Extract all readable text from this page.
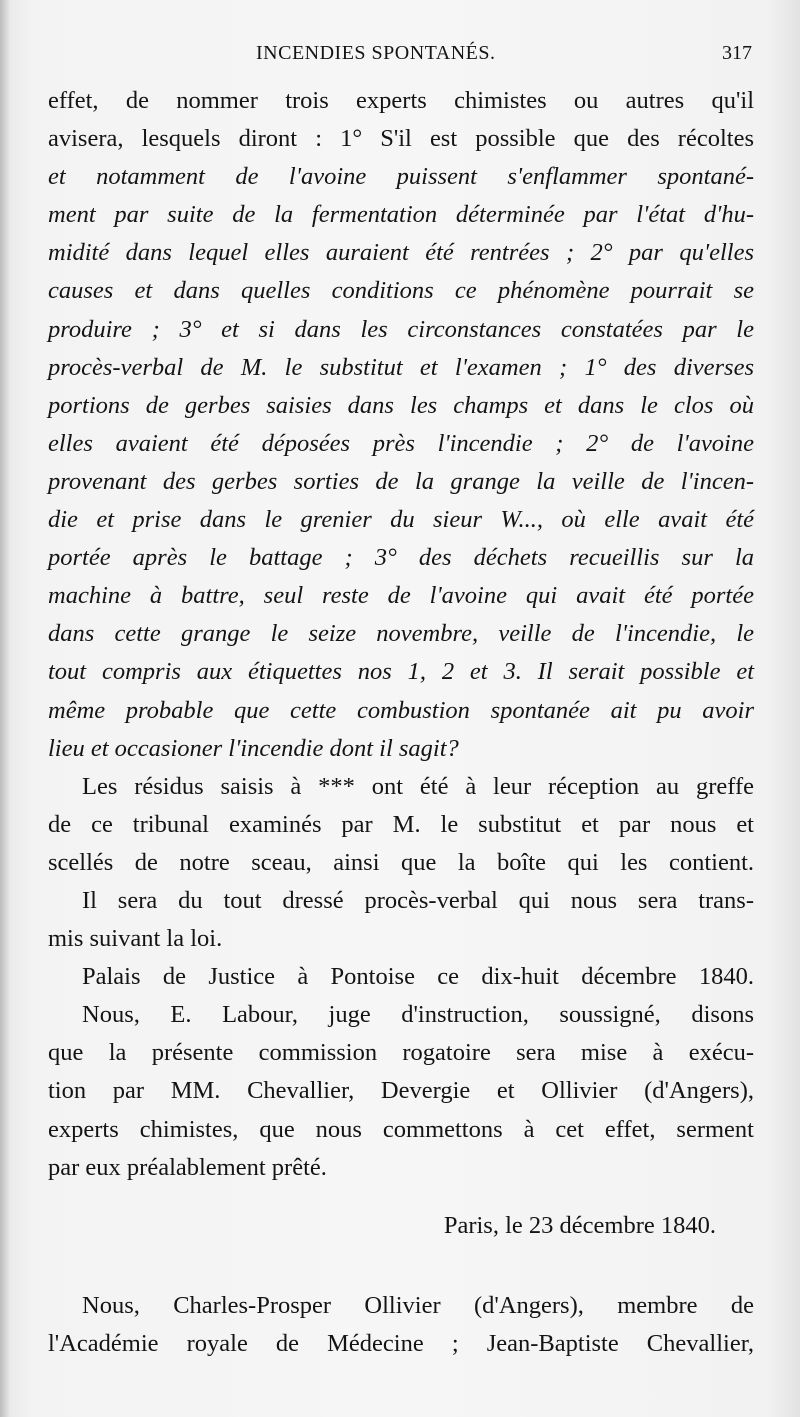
INCENDIES SPONTANÉS.	317
effet, de nommer trois experts chimistes ou autres qu'il
avisera, lesquels diront : 1° S'il est possible que des récoltes
et notamment de l'avoine puissent s'enflammer spontané-
ment par suite de la fermentation déterminée par l'état d'hu-
midité dans lequel elles auraient été rentrées ; 2° par qu'elles
causes et dans quelles conditions ce phénomène pourrait se
produire ; 3° et si dans les circonstances constatées par le
procès-verbal de M. le substitut et l'examen ; 1° des diverses
portions de gerbes saisies dans les champs et dans le clos où
elles avaient été déposées près l'incendie ; 2° de l'avoine
provenant des gerbes sorties de la grange la veille de l'incen-
die et prise dans le grenier du sieur W..., où elle avait été
portée après le battage ; 3° des déchets recueillis sur la
machine à battre, seul reste de l'avoine qui avait été portée
dans cette grange le seize novembre, veille de l'incendie, le
tout compris aux étiquettes nos 1, 2 et 3. Il serait possible et
même probable que cette combustion spontanée ait pu avoir
lieu et occasioner l'incendie dont il sagit?
Les résidus saisis à *** ont été à leur réception au greffe
de ce tribunal examinés par M. le substitut et par nous et
scellés de notre sceau, ainsi que la boîte qui les contient.
Il sera du tout dressé procès-verbal qui nous sera trans-
mis suivant la loi.
Palais de Justice à Pontoise ce dix-huit décembre 1840.
Nous, E. Labour, juge d'instruction, soussigné, disons
que la présente commission rogatoire sera mise à exécu-
tion par MM. Chevallier, Devergie et Ollivier (d'Angers),
experts chimistes, que nous commettons à cet effet, serment
par eux préalablement prêté.
Paris, le 23 décembre 1840.
Nous, Charles-Prosper Ollivier (d'Angers), membre de
l'Académie royale de Médecine ; Jean-Baptiste Chevallier,
